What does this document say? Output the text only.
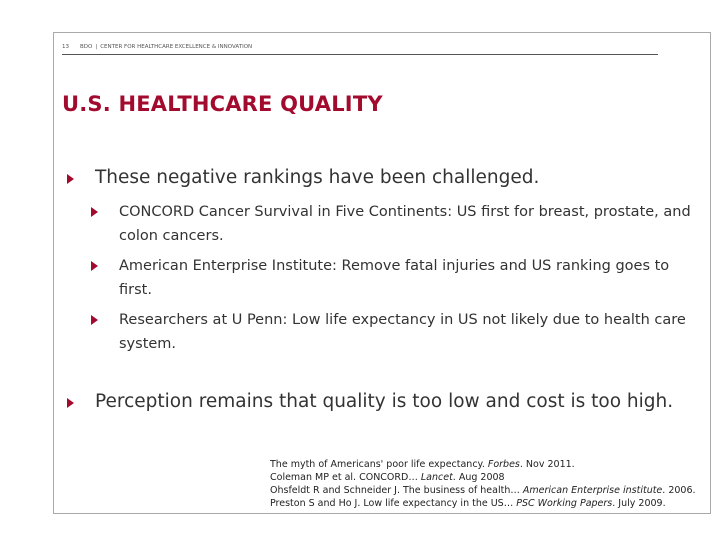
13	BDO | CENTER FOR HEALTHCARE EXCELLENCE & INNOVATION
U.S. HEALTHCARE QUALITY
These negative rankings have been challenged.
CONCORD Cancer Survival in Five Continents: US first for breast, prostate, and colon cancers.
American Enterprise Institute: Remove fatal injuries and US ranking goes to first.
Researchers at U Penn: Low life expectancy in US not likely due to health care system.
Perception remains that quality is too low and cost is too high.
The myth of Americans' poor life expectancy. Forbes. Nov 2011.
Coleman MP et al. CONCORD… Lancet. Aug 2008
Ohsfeldt R and Schneider J. The business of health… American Enterprise institute. 2006.
Preston S and Ho J. Low life expectancy in the US… PSC Working Papers. July 2009.
